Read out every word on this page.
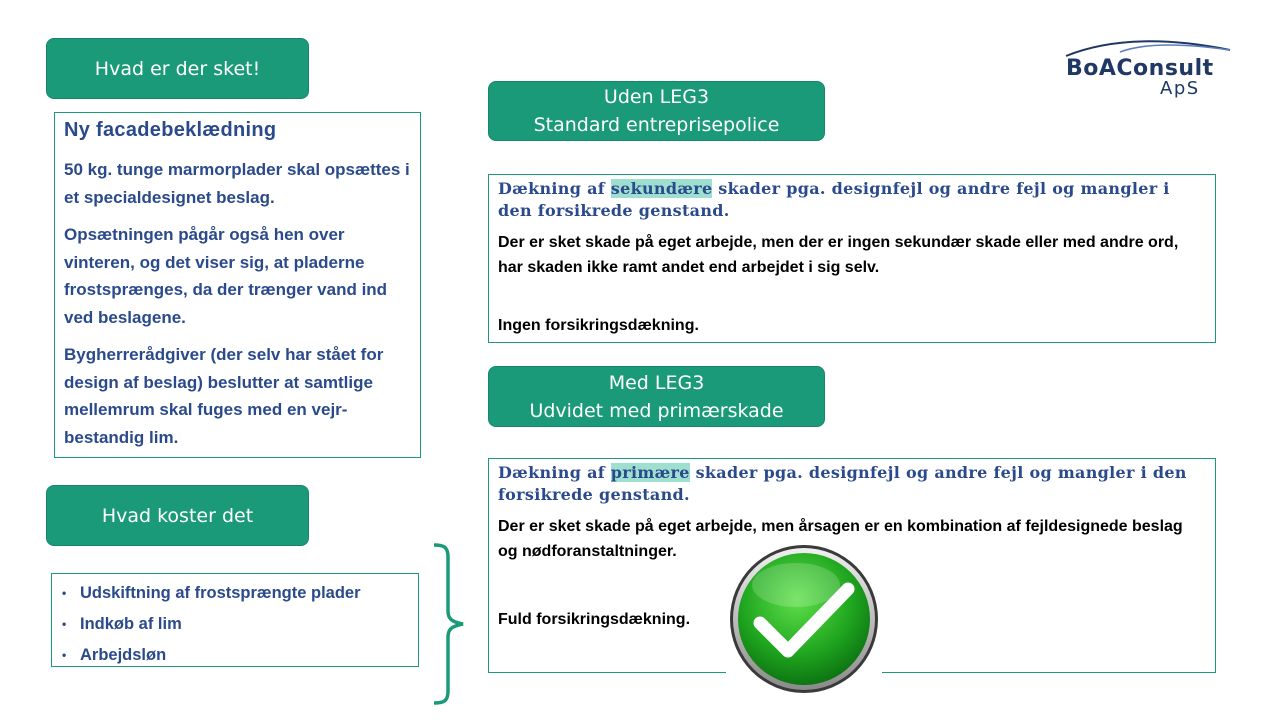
Hvad er der sket!
Ny facadebeklædning

50 kg. tunge marmorplader skal opsættes i et specialdesignet beslag.

Opsætningen pågår også hen over vinteren, og det viser sig, at pladerne frostsprænges, da der trænger vand ind ved beslagene.

Bygherrerådgiver (der selv har stået for design af beslag) beslutter at samtlige mellemrum skal fuges med en vejr- bestandig lim.

Hvad koster det
• Udskiftning af frostsprængte plader
• Indkøb af lim
• Arbejdsløn
BoAConsult
ApS
Uden LEG3
Standard entreprisepolice
Dækning af sekundære skader pga. designfejl og andre fejl og mangler i den forsikrede genstand.
Der er sket skade på eget arbejde, men der er ingen sekundær skade eller med andre ord, har skaden ikke ramt andet end arbejdet i sig selv.
Ingen forsikringsdækning.
Med LEG3
Udvidet med primærskade
Dækning af primære skader pga. designfejl og andre fejl og mangler i den forsikrede genstand.
Der er sket skade på eget arbejde, men årsagen er en kombination af fejldesignede beslag og nødforanstaltninger.
Fuld forsikringsdækning.
